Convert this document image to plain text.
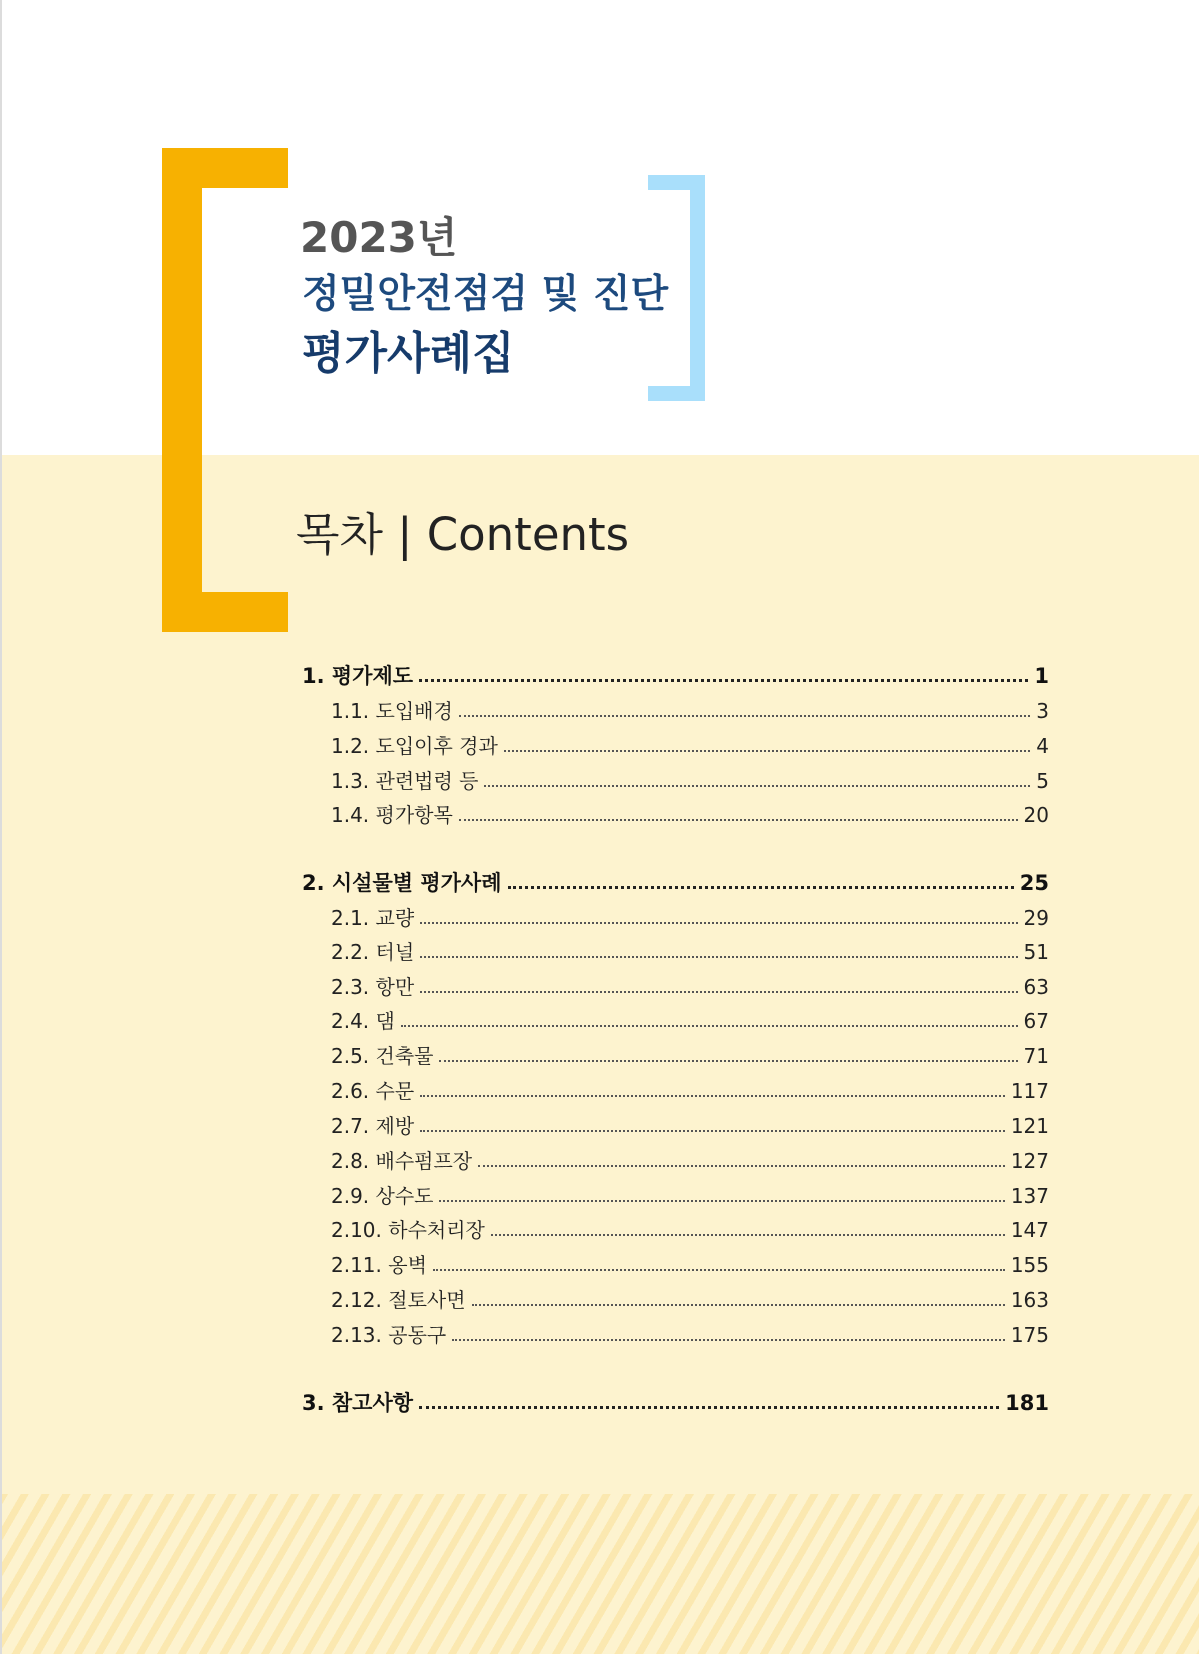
2023년
정밀안전점검 및 진단
평가사례집
목차 | Contents
1. 평가제도	1
1.1. 도입배경	3
1.2. 도입이후 경과	4
1.3. 관련법령 등	5
1.4. 평가항목	20
2. 시설물별 평가사례	25
2.1. 교량	29
2.2. 터널	51
2.3. 항만	63
2.4. 댐	67
2.5. 건축물	71
2.6. 수문	117
2.7. 제방	121
2.8. 배수펌프장	127
2.9. 상수도	137
2.10. 하수처리장	147
2.11. 옹벽	155
2.12. 절토사면	163
2.13. 공동구	175
3. 참고사항	181
